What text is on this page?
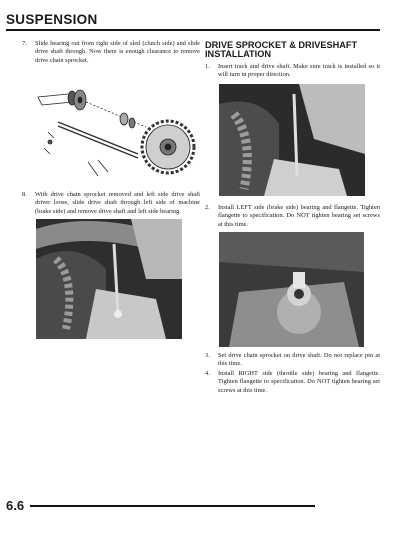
SUSPENSION
7. Slide bearing out from right side of sled (clutch side) and slide drive shaft through. Now there is enough clearance to remove drive chain sprocket.
8. With drive chain sprocket removed and left side drive shaft driver loose, slide drive shaft through left side of machine (brake side) and remove drive shaft and left side bearing.
DRIVE SPROCKET & DRIVESHAFT INSTALLATION
1. Insert track and drive shaft. Make sure track is installed so it will turn in proper direction.
2. Install LEFT side (brake side) bearing and flangette. Tighten flangette to specification. Do NOT tighten bearing set screws at this time.
3. Set drive chain sprocket on drive shaft. Do not replace pin at this time.
4. Install RIGHT side (throttle side) bearing and flangette. Tighten flangette to specification. Do NOT tighten bearing set screws at this time.
6.6
